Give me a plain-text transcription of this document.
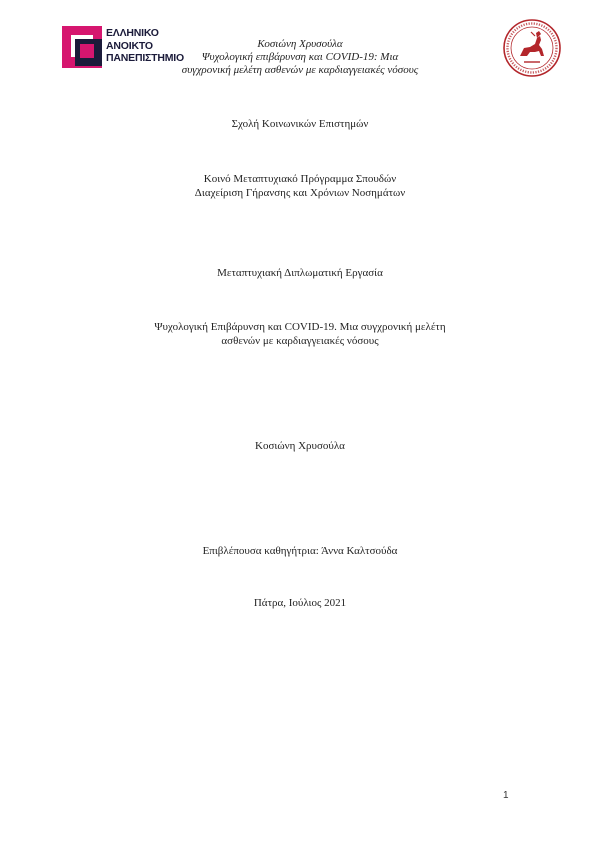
ΕΛΛΗΝΙΚΟ
ΑΝΟΙΚΤΟ
ΠΑΝΕΠΙΣΤΗΜΙΟ
Κοσιώνη Χρυσούλα
Ψυχολογική επιβάρυνση και COVID-19: Μια
συγχρονική μελέτη ασθενών με καρδιαγγειακές νόσους
Σχολή Κοινωνικών Επιστημών
Κοινό Μεταπτυχιακό Πρόγραμμα Σπουδών
Διαχείριση Γήρανσης και Χρόνιων Νοσημάτων
Μεταπτυχιακή Διπλωματική Εργασία
Ψυχολογική Επιβάρυνση και COVID-19. Μια συγχρονική μελέτη
ασθενών με καρδιαγγειακές νόσους
Κοσιώνη Χρυσούλα
Επιβλέπουσα καθηγήτρια: Άννα Καλτσούδα
Πάτρα, Ιούλιος 2021
1
